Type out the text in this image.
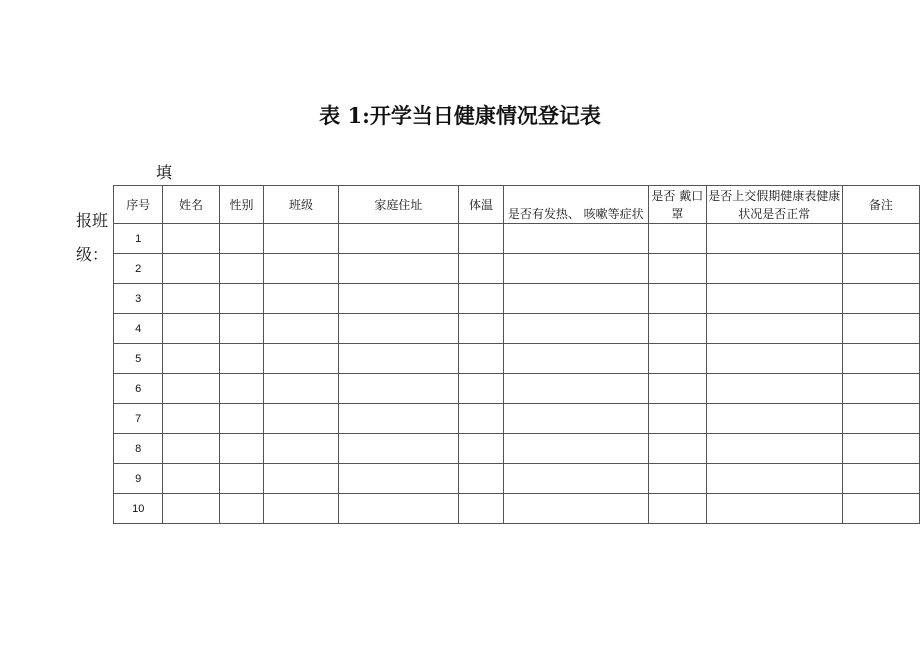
表 1:开学当日健康情况登记表
序号	姓名	性别	班级	家庭住址	体温	是否有发热、 咳嗽等症状	是否 戴口罩	是否上交假期健康表健康状况是否正常	备注
1									
2									
3									
4									
5									
6									
7									
8									
9									
10									
填
报班
级：
